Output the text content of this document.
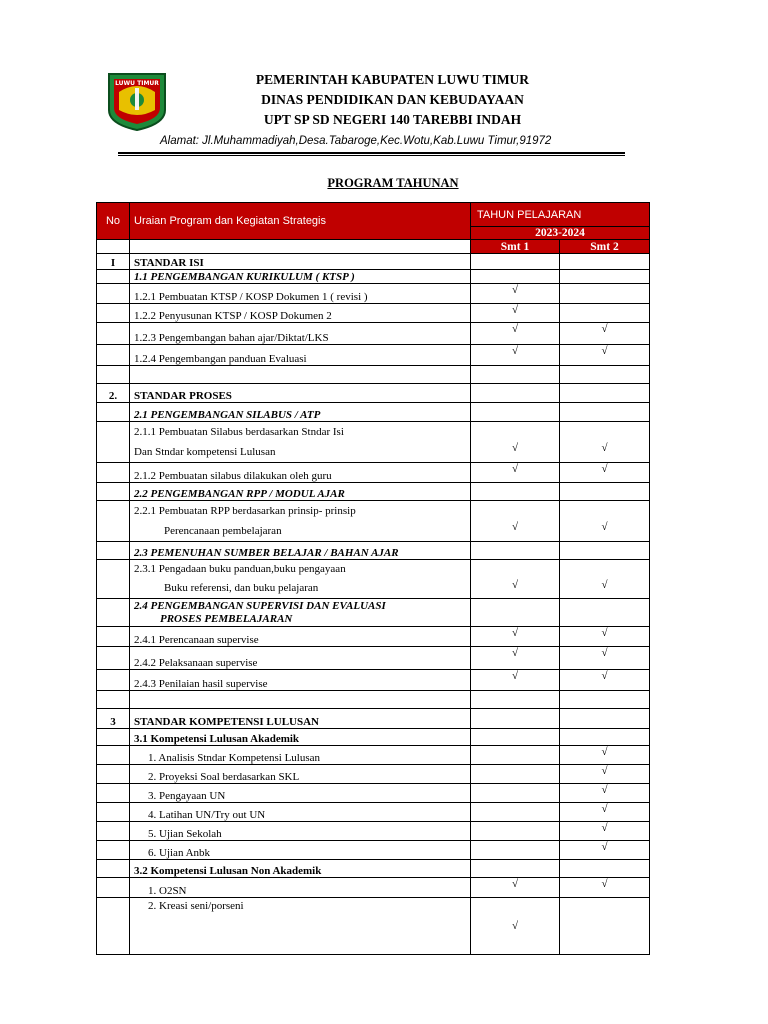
LUWU TIMUR	PEMERINTAH KABUPATEN LUWU TIMUR
DINAS PENDIDIKAN DAN KEBUDAYAAN
UPT SP SD NEGERI 140 TAREBBI INDAH
Alamat: Jl.Muhammadiyah,Desa.Tabaroge,Kec.Wotu,Kab.Luwu Timur,91972
PROGRAM TAHUNAN
No	Uraian Program dan Kegiatan Strategis	TAHUN PELAJARAN	
		2023-2024	
		Smt 1	Smt 2
I	STANDAR ISI		
	1.1 PENGEMBANGAN KURIKULUM ( KTSP )		
	1.2.1 Pembuatan KTSP / KOSP Dokumen 1 ( revisi )	√	
	1.2.2 Penyusunan KTSP / KOSP Dokumen 2	√	
	1.2.3 Pengembangan bahan ajar/Diktat/LKS	√	√
	1.2.4 Pengembangan panduan Evaluasi	√	√

2.	STANDAR PROSES		
	2.1 PENGEMBANGAN SILABUS / ATP		

	2.1.1 Pembuatan Silabus berdasarkan Stndar Isi
Dan Stndar kompetensi Lulusan	√	√
	2.1.2 Pembuatan silabus dilakukan oleh guru	√	√
	2.2 PENGEMBANGAN RPP / MODUL AJAR		

	2.2.1 Pembuatan RPP berdasarkan prinsip- prinsip
Perencanaan pembelajaran	√	√
	2.3 PEMENUHAN SUMBER BELAJAR / BAHAN AJAR		

	2.3.1 Pengadaan buku panduan,buku pengayaan
Buku referensi, dan buku pelajaran	√	√

	2.4 PENGEMBANGAN SUPERVISI DAN EVALUASI
PROSES PEMBELAJARAN		

	2.4.1 Perencanaan supervise	√	√
	2.4.2 Pelaksanaan supervise	√	√
	2.4.3 Penilaian hasil supervise	√	√

3	STANDAR KOMPETENSI LULUSAN		
	3.1 Kompetensi Lulusan Akademik		
	1. Analisis Stndar Kompetensi Lulusan		√
	2. Proyeksi Soal berdasarkan SKL		√
	3. Pengayaan UN		√
	4. Latihan UN/Try out UN		√
	5. Ujian Sekolah		√
	6. Ujian Anbk		√
	3.2 Kompetensi Lulusan Non Akademik		
	1. O2SN	√	√
	2. Kreasi seni/porseni	√	
